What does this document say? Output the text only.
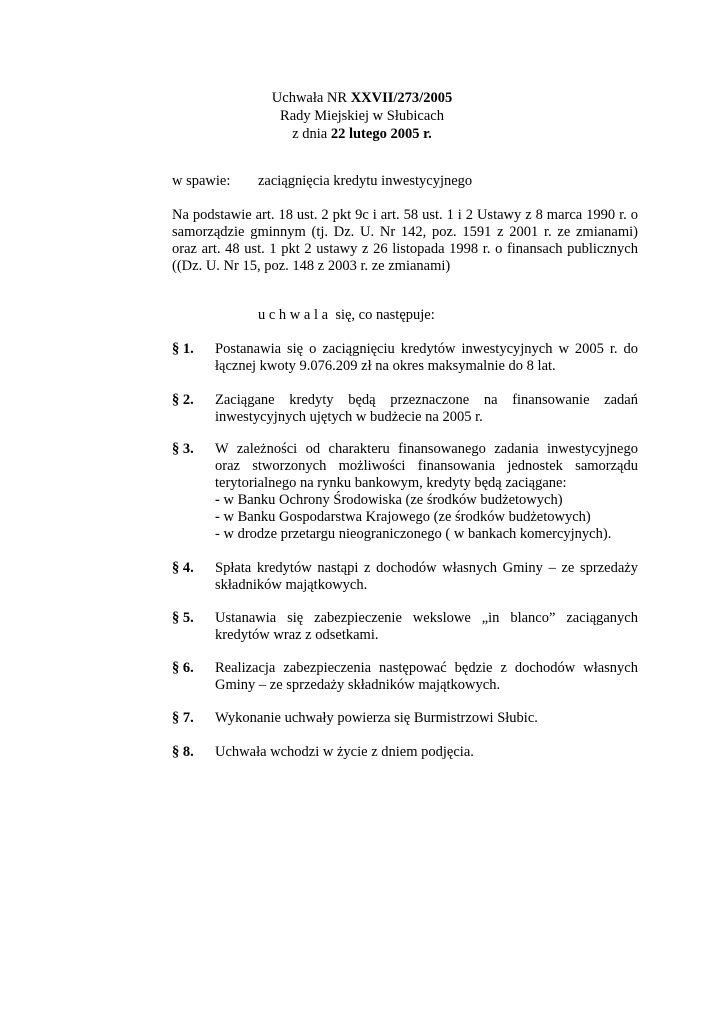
Uchwała NR XXVII/273/2005
Rady Miejskiej w Słubicach
z dnia 22 lutego 2005 r.
w spawie: zaciągnięcia kredytu inwestycyjnego
Na podstawie art. 18 ust. 2 pkt 9c i art. 58 ust. 1 i 2 Ustawy z 8 marca 1990 r. o
samorządzie gminnym (tj. Dz. U. Nr 142, poz. 1591 z 2001 r. ze zmianami)
oraz art. 48 ust. 1 pkt 2 ustawy z 26 listopada 1998 r. o finansach publicznych
((Dz. U. Nr 15, poz. 148 z 2003 r. ze zmianami)
u c h w a l a  się, co następuje:
§ 1. Postanawia się o zaciągnięciu kredytów inwestycyjnych w 2005 r. do
łącznej kwoty 9.076.209 zł na okres maksymalnie do 8 lat.
§ 2. Zaciągane kredyty będą przeznaczone na finansowanie zadań
inwestycyjnych ujętych w budżecie na 2005 r.
§ 3. W zależności od charakteru finansowanego zadania inwestycyjnego
oraz stworzonych możliwości finansowania jednostek samorządu
terytorialnego na rynku bankowym, kredyty będą zaciągane:
- w Banku Ochrony Środowiska (ze środków budżetowych)
- w Banku Gospodarstwa Krajowego (ze środków budżetowych)
- w drodze przetargu nieograniczonego ( w bankach komercyjnych).
§ 4. Spłata kredytów nastąpi z dochodów własnych Gminy – ze sprzedaży
składników majątkowych.
§ 5. Ustanawia się zabezpieczenie wekslowe „in blanco” zaciąganych
kredytów wraz z odsetkami.
§ 6. Realizacja zabezpieczenia następować będzie z dochodów własnych
Gminy – ze sprzedaży składników majątkowych.
§ 7. Wykonanie uchwały powierza się Burmistrzowi Słubic.
§ 8. Uchwała wchodzi w życie z dniem podjęcia.
